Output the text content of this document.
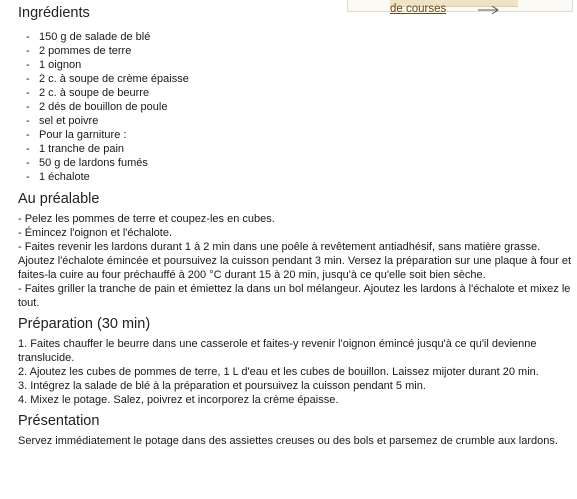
de courses
Ingrédients
- 150 g de salade de blé
- 2 pommes de terre
- 1 oignon
- 2 c. à soupe de crème épaisse
- 2 c. à soupe de beurre
- 2 dés de bouillon de poule
- sel et poivre
- Pour la garniture :
- 1 tranche de pain
- 50 g de lardons fumés
- 1 échalote
Au préalable

- Pelez les pommes de terre et coupez-les en cubes.

- Émincez l'oignon et l'échalote.

- Faites revenir les lardons durant 1 à 2 min dans une poêle à revêtement antiadhésif, sans matière grasse. Ajoutez l'échalote émincée et poursuivez la cuisson pendant 3 min. Versez la préparation sur une plaque à four et faites-la cuire au four préchauffé à 200 °C durant 15 à 20 min, jusqu'à ce qu'elle soit bien sèche.

- Faites griller la tranche de pain et émiettez la dans un bol mélangeur. Ajoutez les lardons à l'échalote et mixez le tout.

Préparation (30 min)

1. Faites chauffer le beurre dans une casserole et faites-y revenir l'oignon émincé jusqu'à ce qu'il devienne translucide.

2. Ajoutez les cubes de pommes de terre, 1 L d'eau et les cubes de bouillon. Laissez mijoter durant 20 min.

3. Intégrez la salade de blé à la préparation et poursuivez la cuisson pendant 5 min.

4. Mixez le potage. Salez, poivrez et incorporez la crème épaisse.

Présentation

Servez immédiatement le potage dans des assiettes creuses ou des bols et parsemez de crumble aux lardons.
